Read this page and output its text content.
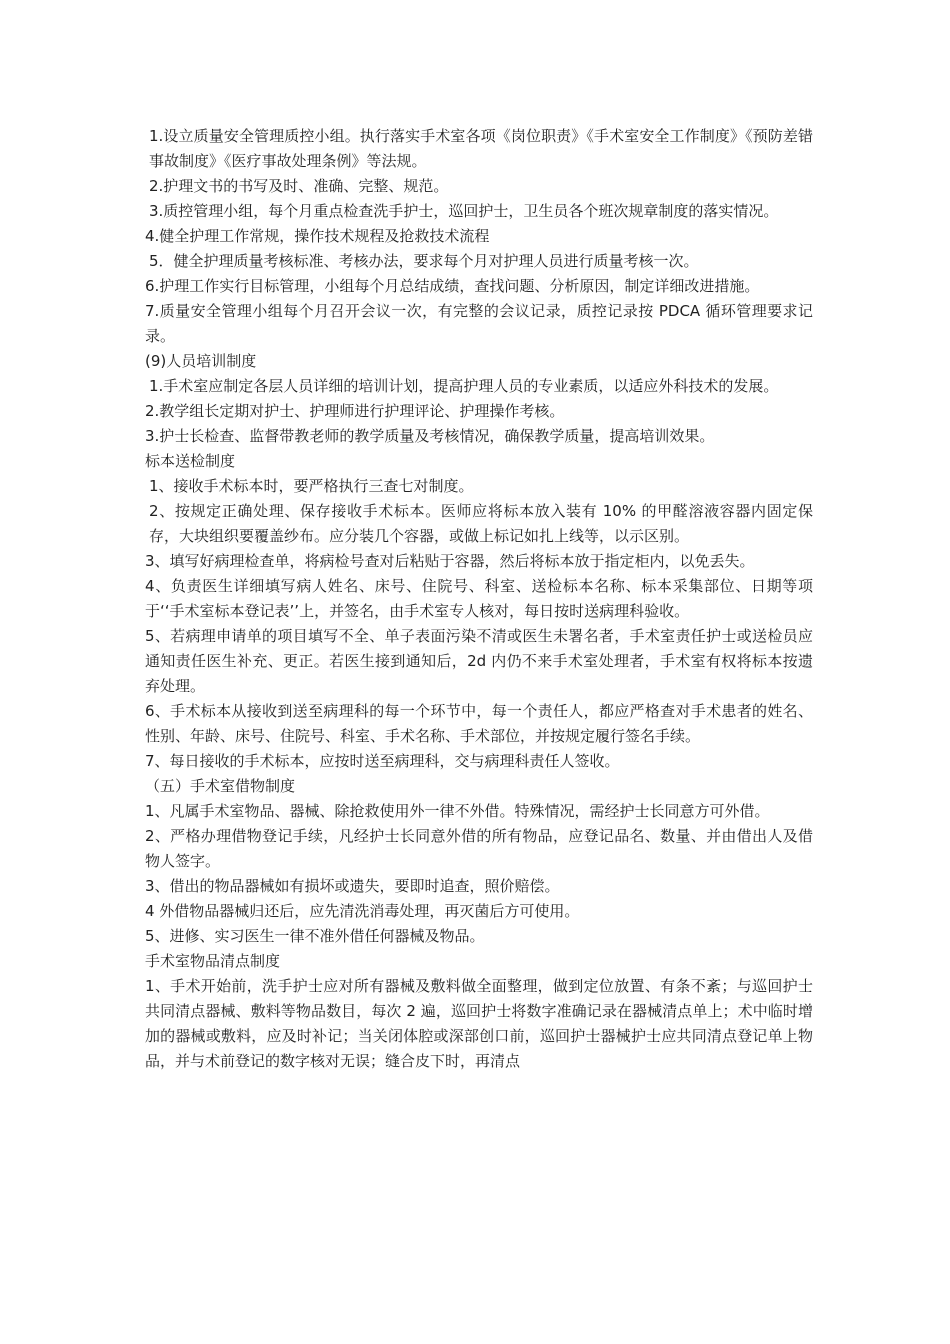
1.设立质量安全管理质控小组。执行落实手术室各项《岗位职责》《手术室安全工作制度》《预防差错事故制度》《医疗事故处理条例》等法规。

2.护理文书的书写及时、准确、完整、规范。

3.质控管理小组，每个月重点检查洗手护士，巡回护士，卫生员各个班次规章制度的落实情况。

4.健全护理工作常规，操作技术规程及抢救技术流程

5．健全护理质量考核标准、考核办法，要求每个月对护理人员进行质量考核一次。

6.护理工作实行目标管理，小组每个月总结成绩，查找问题、分析原因，制定详细改进措施。

7.质量安全管理小组每个月召开会议一次，有完整的会议记录，质控记录按 PDCA 循环管理要求记录。

(9)人员培训制度

1.手术室应制定各层人员详细的培训计划，提高护理人员的专业素质，以适应外科技术的发展。

2.教学组长定期对护士、护理师进行护理评论、护理操作考核。

3.护士长检查、监督带教老师的教学质量及考核情况，确保教学质量，提高培训效果。

标本送检制度

1、接收手术标本时，要严格执行三查七对制度。

2、按规定正确处理、保存接收手术标本。医师应将标本放入装有 10% 的甲醛溶液容器内固定保存，大块组织要覆盖纱布。应分装几个容器，或做上标记如扎上线等，以示区别。

3、填写好病理检查单，将病检号查对后粘贴于容器，然后将标本放于指定柜内，以免丢失。

4、负责医生详细填写病人姓名、床号、住院号、科室、送检标本名称、标本采集部位、日期等项于‘‘手术室标本登记表’’上，并签名，由手术室专人核对，每日按时送病理科验收。

5、若病理申请单的项目填写不全、单子表面污染不清或医生未署名者，手术室责任护士或送检员应通知责任医生补充、更正。若医生接到通知后，2d 内仍不来手术室处理者，手术室有权将标本按遗弃处理。

6、手术标本从接收到送至病理科的每一个环节中，每一个责任人，都应严格查对手术患者的姓名、性别、年龄、床号、住院号、科室、手术名称、手术部位，并按规定履行签名手续。

7、每日接收的手术标本，应按时送至病理科，交与病理科责任人签收。

（五）手术室借物制度

1、凡属手术室物品、器械、除抢救使用外一律不外借。特殊情况，需经护士长同意方可外借。

2、严格办理借物登记手续，凡经护士长同意外借的所有物品，应登记品名、数量、并由借出人及借物人签字。

3、借出的物品器械如有损坏或遗失，要即时追查，照价赔偿。

4 外借物品器械归还后，应先清洗消毒处理，再灭菌后方可使用。

5、进修、实习医生一律不准外借任何器械及物品。

手术室物品清点制度

1、手术开始前，洗手护士应对所有器械及敷料做全面整理，做到定位放置、有条不紊；与巡回护士共同清点器械、敷料等物品数目，每次 2 遍，巡回护士将数字准确记录在器械清点单上；术中临时增加的器械或敷料，应及时补记；当关闭体腔或深部创口前，巡回护士器械护士应共同清点登记单上物品，并与术前登记的数字核对无误；缝合皮下时，再清点
